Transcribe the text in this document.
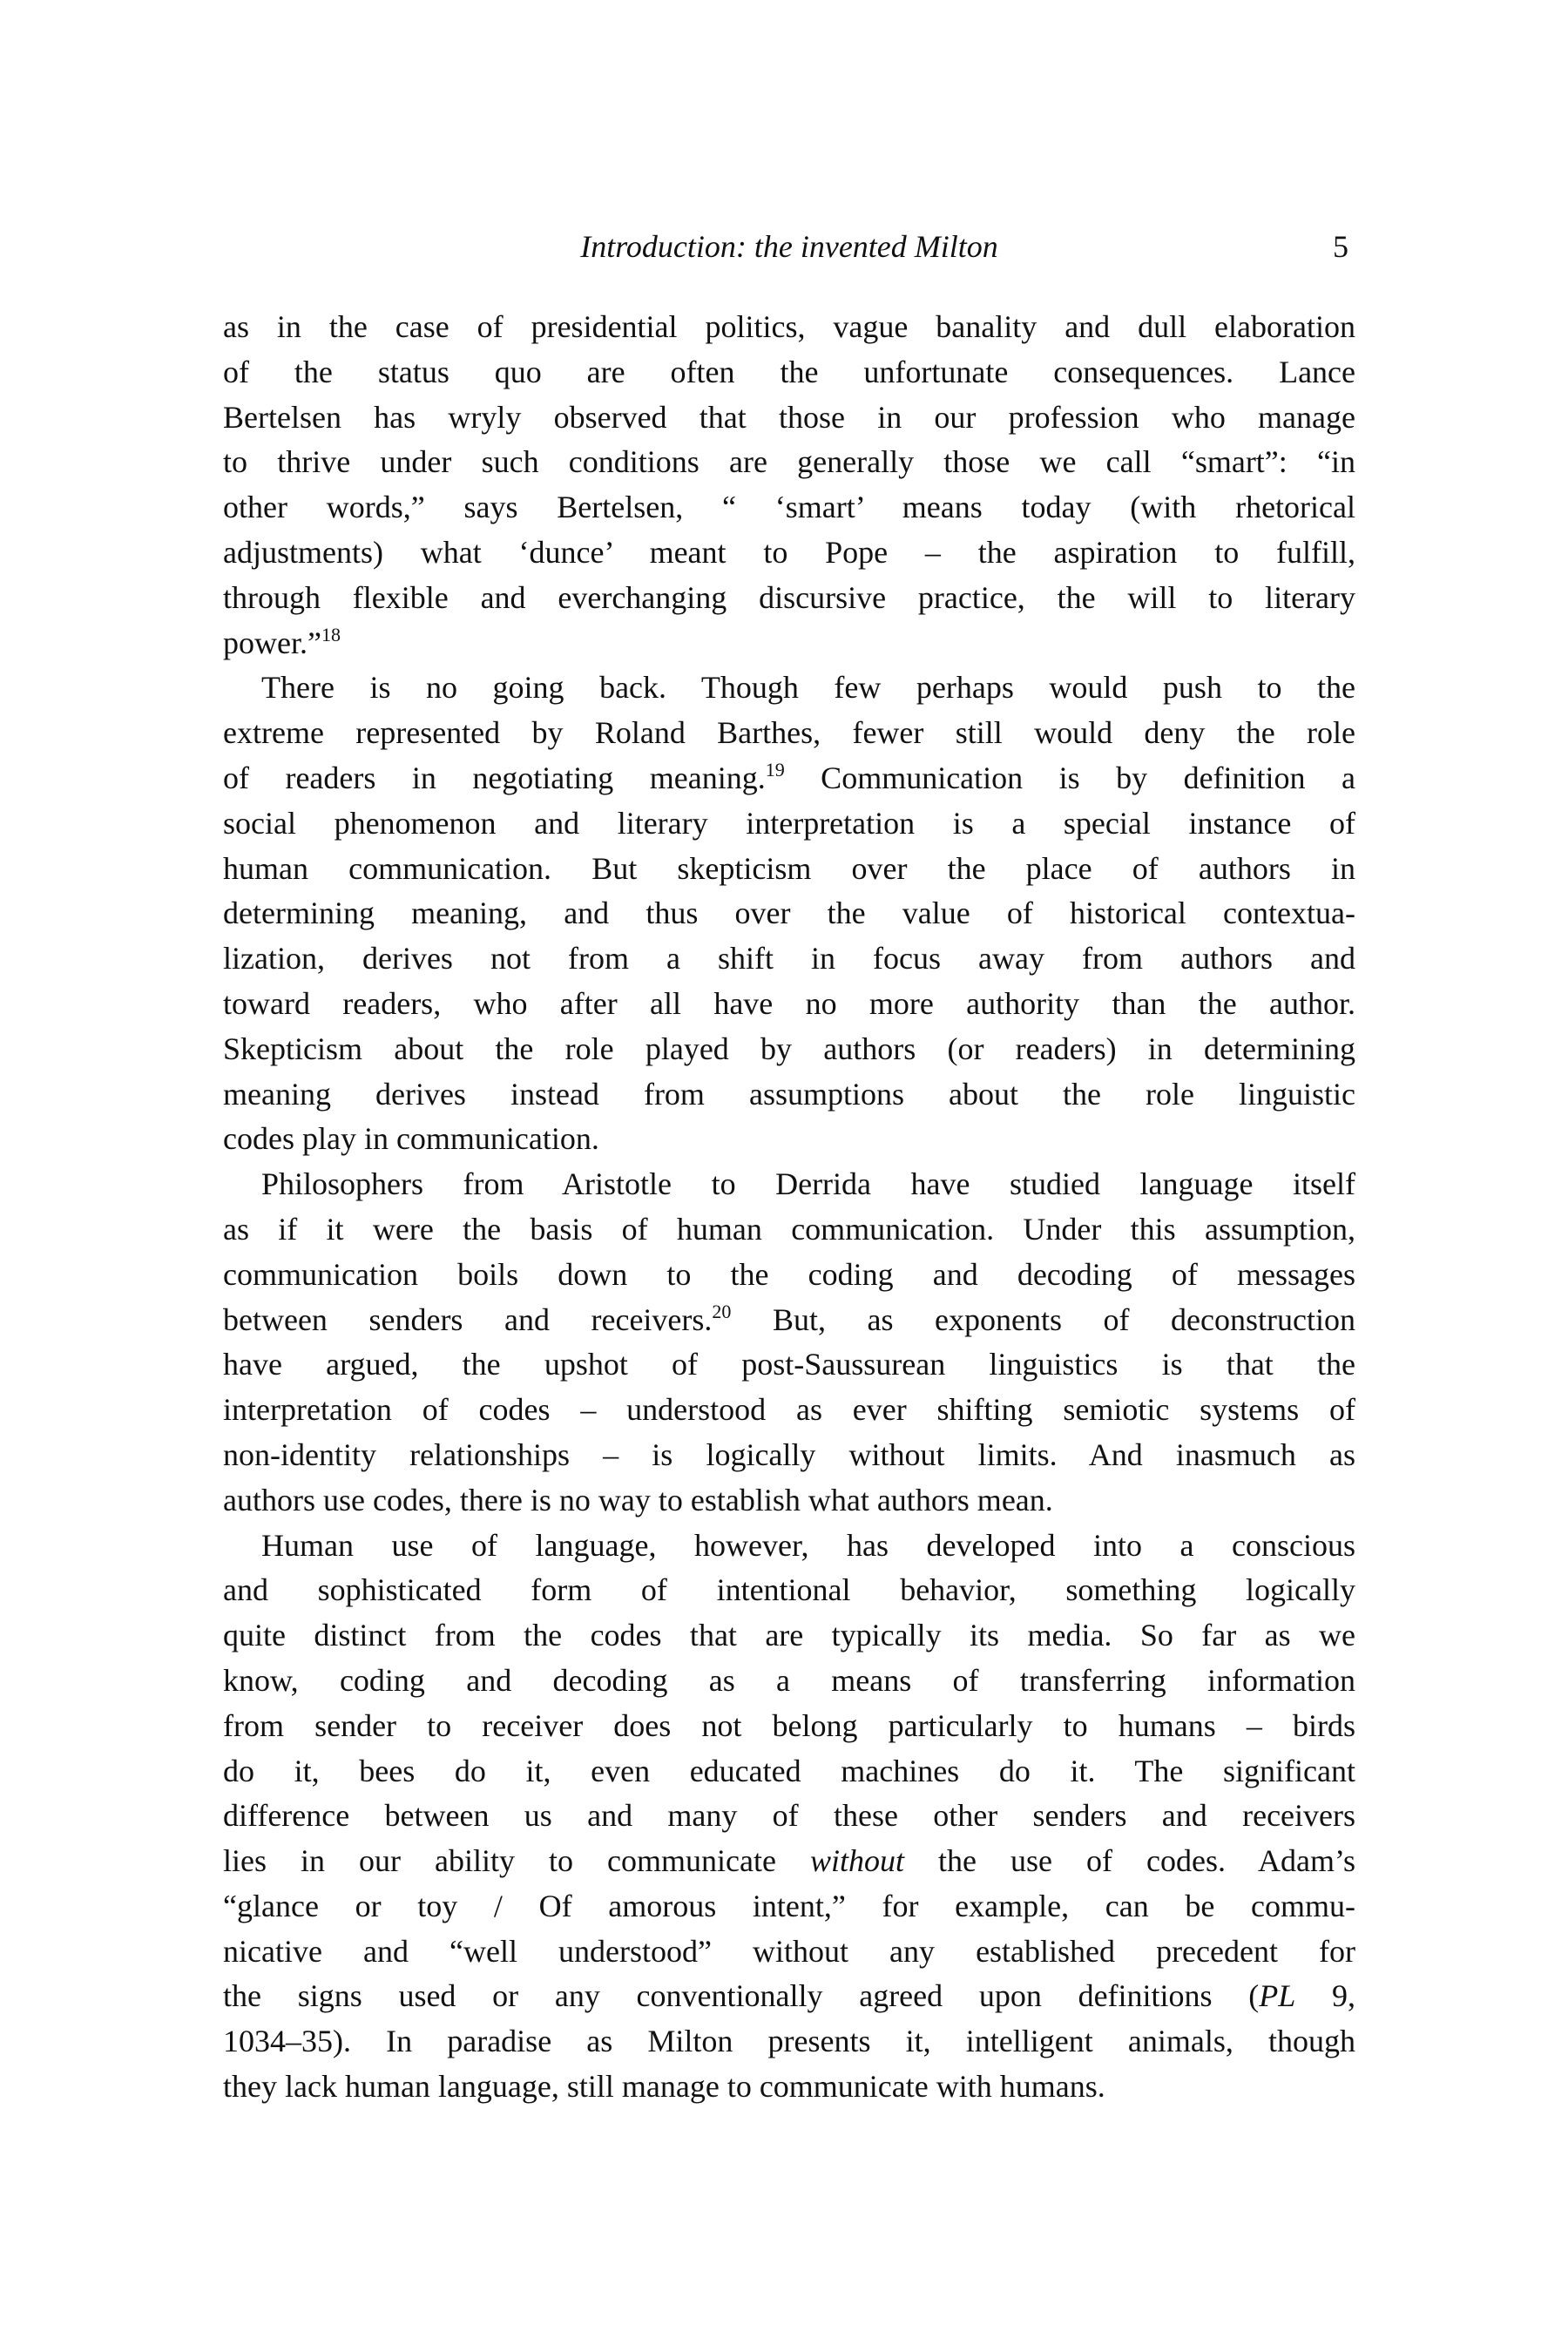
Introduction: the invented Milton	5
as in the case of presidential politics, vague banality and dull elaboration
of the status quo are often the unfortunate consequences. Lance
Bertelsen has wryly observed that those in our profession who manage
to thrive under such conditions are generally those we call “smart”: “in
other words,” says Bertelsen, “ ‘smart’ means today (with rhetorical
adjustments) what ‘dunce’ meant to Pope – the aspiration to fulfill,
through flexible and everchanging discursive practice, the will to literary
power.”$^{18}$
There is no going back. Though few perhaps would push to the
extreme represented by Roland Barthes, fewer still would deny the role
of readers in negotiating meaning.$^{19}$ Communication is by definition a
social phenomenon and literary interpretation is a special instance of
human communication. But skepticism over the place of authors in
determining meaning, and thus over the value of historical contextua-
lization, derives not from a shift in focus away from authors and
toward readers, who after all have no more authority than the author.
Skepticism about the role played by authors (or readers) in determining
meaning derives instead from assumptions about the role linguistic
codes play in communication.
Philosophers from Aristotle to Derrida have studied language itself
as if it were the basis of human communication. Under this assumption,
communication boils down to the coding and decoding of messages
between senders and receivers.$^{20}$ But, as exponents of deconstruction
have argued, the upshot of post-Saussurean linguistics is that the
interpretation of codes – understood as ever shifting semiotic systems of
non-identity relationships – is logically without limits. And inasmuch as
authors use codes, there is no way to establish what authors mean.
Human use of language, however, has developed into a conscious
and sophisticated form of intentional behavior, something logically
quite distinct from the codes that are typically its media. So far as we
know, coding and decoding as a means of transferring information
from sender to receiver does not belong particularly to humans – birds
do it, bees do it, even educated machines do it. The significant
difference between us and many of these other senders and receivers
lies in our ability to communicate without the use of codes. Adam’s
“glance or toy / Of amorous intent,” for example, can be commu-
nicative and “well understood” without any established precedent for
the signs used or any conventionally agreed upon definitions (PL 9,
1034–35). In paradise as Milton presents it, intelligent animals, though
they lack human language, still manage to communicate with humans.
